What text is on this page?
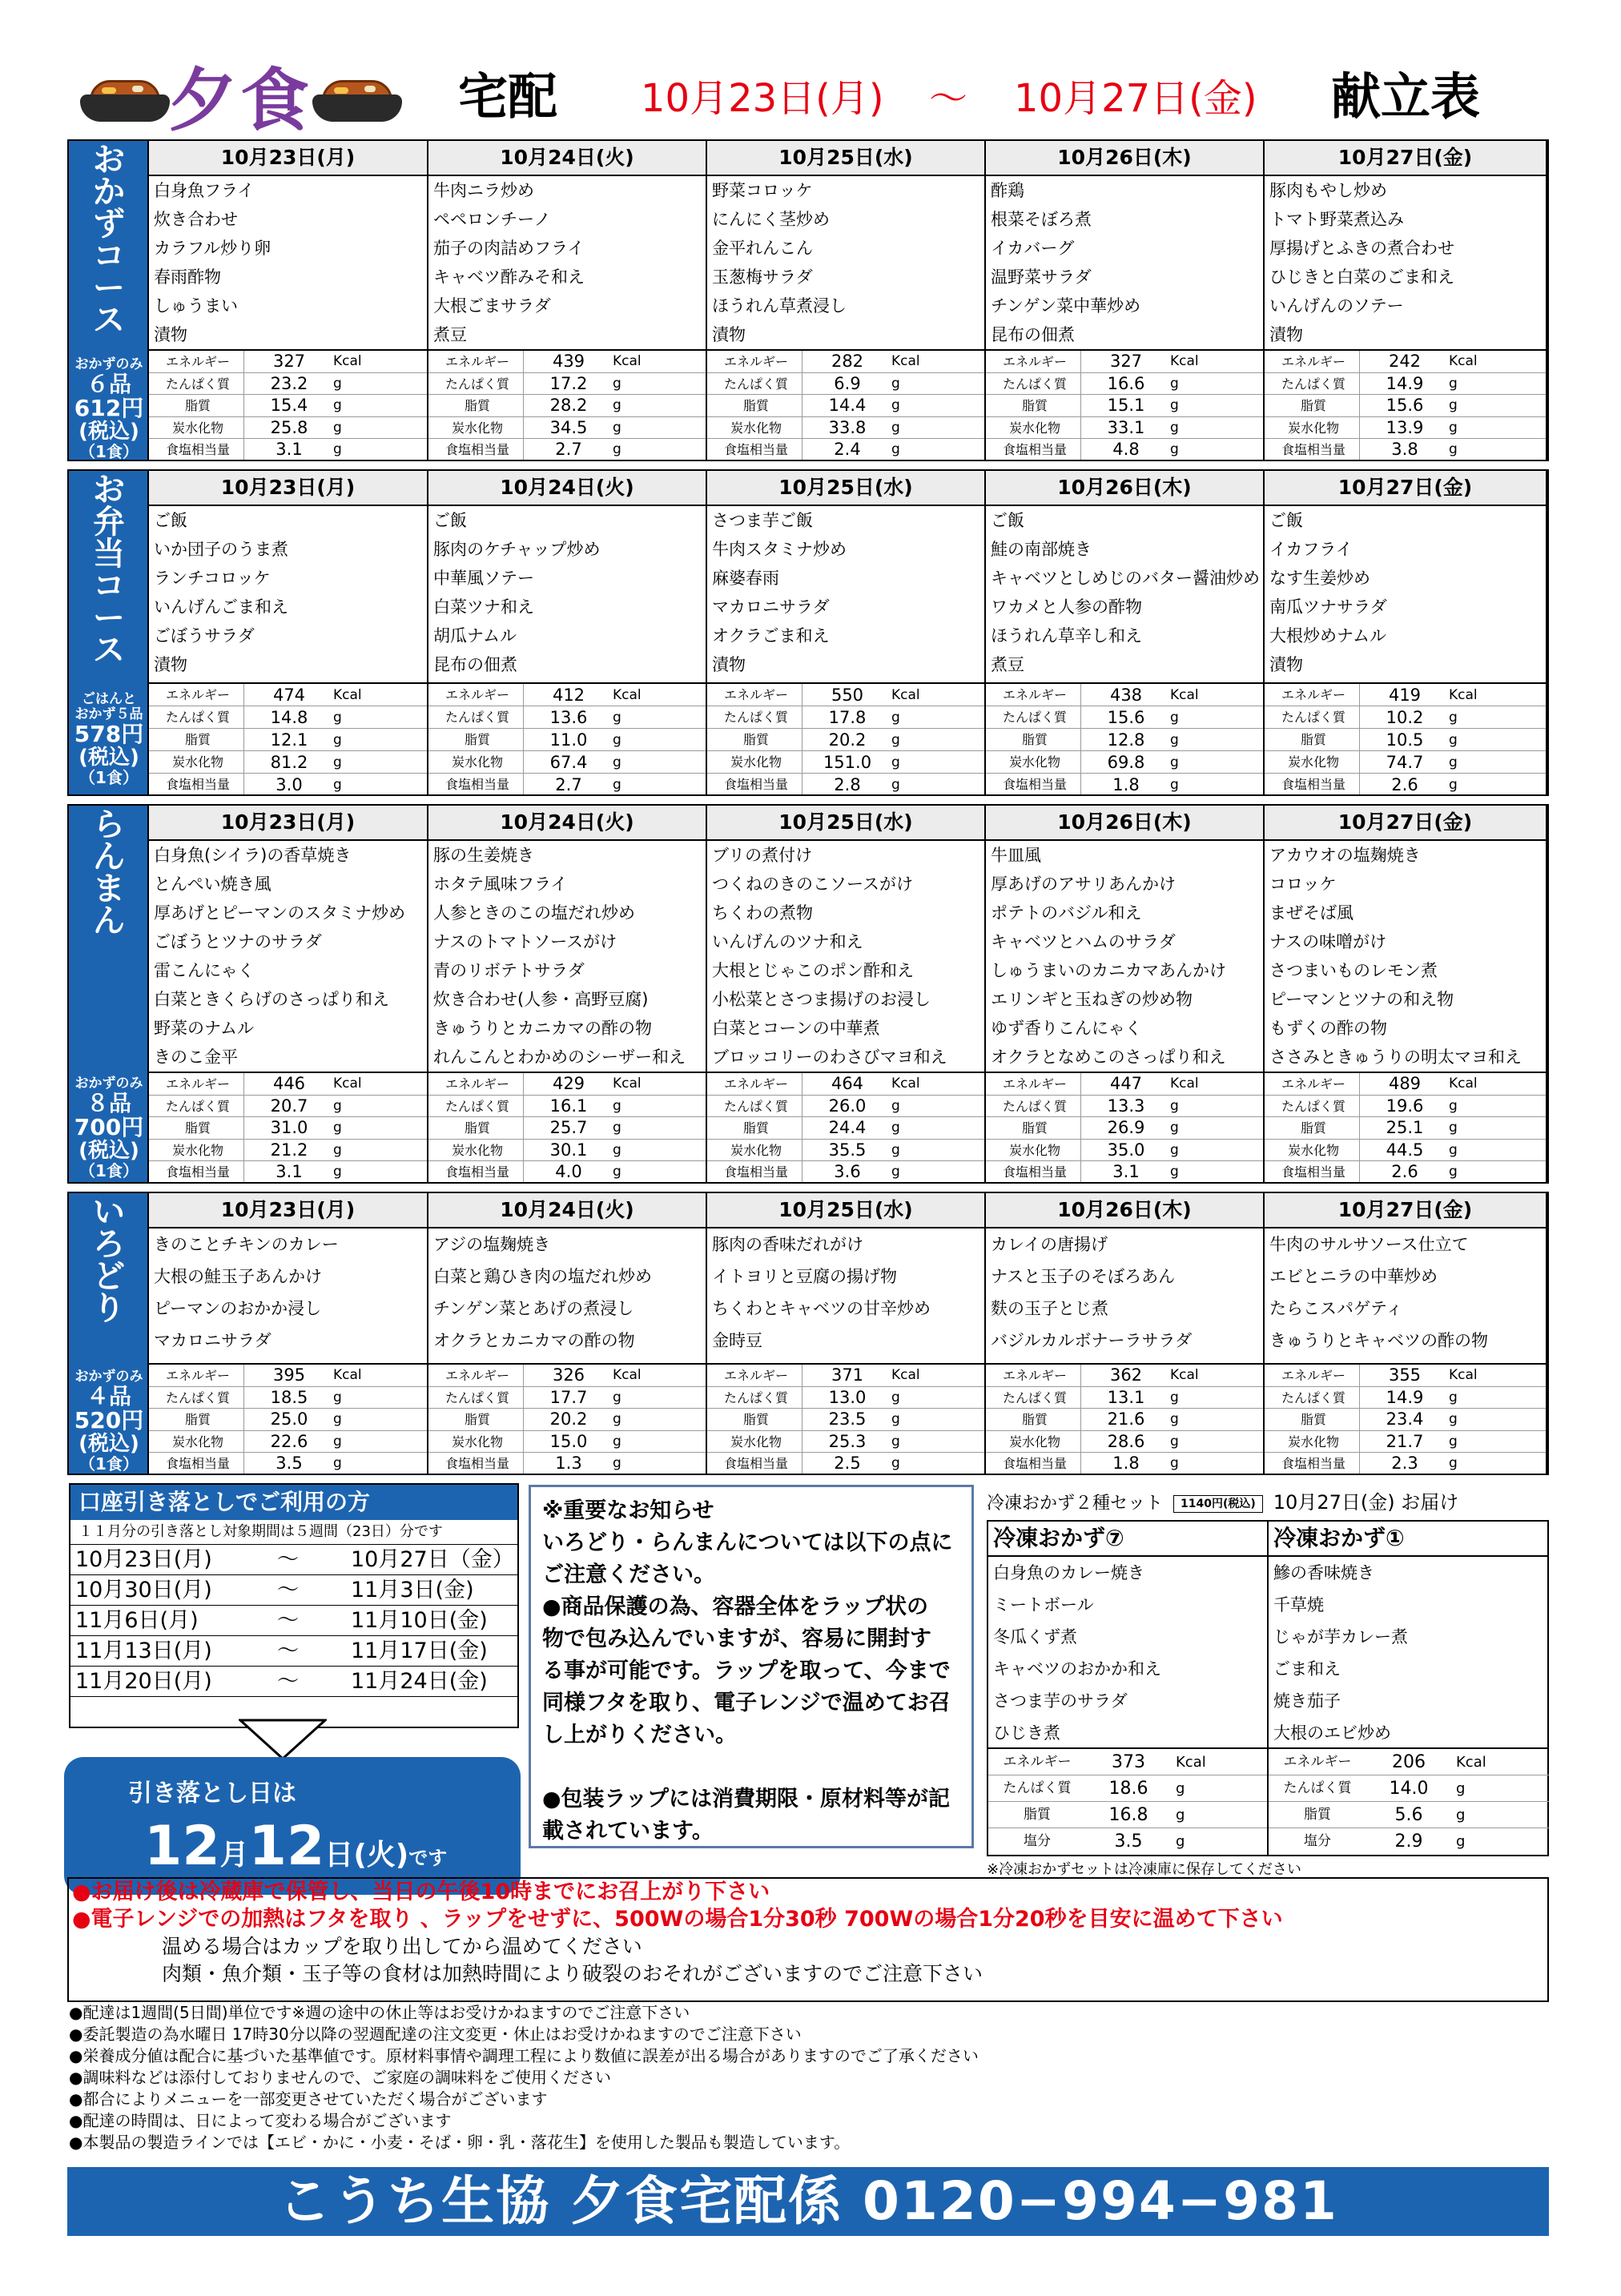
夕食	宅配 10月23日(月) ～ 10月27日(金) 献立表
お
か
ず
コ
ー
ス
おかずのみ
６品
612円
(税込)
（1食）
10月23日(月)
白身魚フライ
炊き合わせ
カラフル炒り卵
春雨酢物
しゅうまい
漬物
エネルギー	327	Kcal
たんぱく質	23.2	g
脂質	15.4	g
炭水化物	25.8	g
食塩相当量	3.1	g
10月24日(火)
牛肉ニラ炒め
ペペロンチーノ
茄子の肉詰めフライ
キャベツ酢みそ和え
大根ごまサラダ
煮豆
エネルギー	439	Kcal
たんぱく質	17.2	g
脂質	28.2	g
炭水化物	34.5	g
食塩相当量	2.7	g
10月25日(水)
野菜コロッケ
にんにく茎炒め
金平れんこん
玉葱梅サラダ
ほうれん草煮浸し
漬物
エネルギー	282	Kcal
たんぱく質	6.9	g
脂質	14.4	g
炭水化物	33.8	g
食塩相当量	2.4	g
10月26日(木)
酢鶏
根菜そぼろ煮
イカバーグ
温野菜サラダ
チンゲン菜中華炒め
昆布の佃煮
エネルギー	327	Kcal
たんぱく質	16.6	g
脂質	15.1	g
炭水化物	33.1	g
食塩相当量	4.8	g
10月27日(金)
豚肉もやし炒め
トマト野菜煮込み
厚揚げとふきの煮合わせ
ひじきと白菜のごま和え
いんげんのソテー
漬物
エネルギー	242	Kcal
たんぱく質	14.9	g
脂質	15.6	g
炭水化物	13.9	g
食塩相当量	3.8	g
お
弁
当
コ
ー
ス
ごはんと
おかず５品
578円
(税込)
（1食）
10月23日(月)
ご飯
いか団子のうま煮
ランチコロッケ
いんげんごま和え
ごぼうサラダ
漬物
エネルギー	474	Kcal
たんぱく質	14.8	g
脂質	12.1	g
炭水化物	81.2	g
食塩相当量	3.0	g
10月24日(火)
ご飯
豚肉のケチャップ炒め
中華風ソテー
白菜ツナ和え
胡瓜ナムル
昆布の佃煮
エネルギー	412	Kcal
たんぱく質	13.6	g
脂質	11.0	g
炭水化物	67.4	g
食塩相当量	2.7	g
10月25日(水)
さつま芋ご飯
牛肉スタミナ炒め
麻婆春雨
マカロニサラダ
オクラごま和え
漬物
エネルギー	550	Kcal
たんぱく質	17.8	g
脂質	20.2	g
炭水化物	151.0 g
食塩相当量	2.8	g
10月26日(木)
ご飯
鮭の南部焼き
キャベツとしめじのバター醤油炒め
ワカメと人参の酢物
ほうれん草辛し和え
煮豆
エネルギー	438	Kcal
たんぱく質	15.6	g
脂質	12.8	g
炭水化物	69.8	g
食塩相当量	1.8	g
10月27日(金)
ご飯
イカフライ
なす生姜炒め
南瓜ツナサラダ
大根炒めナムル
漬物
エネルギー	419	Kcal
たんぱく質	10.2	g
脂質	10.5	g
炭水化物	74.7	g
食塩相当量	2.6	g
ら
ん
ま
ん
おかずのみ
８品
700円
(税込)
（1食）
10月23日(月)
白身魚(シイラ)の香草焼き
とんぺい焼き風
厚あげとピーマンのスタミナ炒め
ごぼうとツナのサラダ
雷こんにゃく
白菜ときくらげのさっぱり和え
野菜のナムル
きのこ金平
エネルギー	446	Kcal
たんぱく質	20.7	g
脂質	31.0	g
炭水化物	21.2	g
食塩相当量	3.1	g
10月24日(火)
豚の生姜焼き
ホタテ風味フライ
人参ときのこの塩だれ炒め
ナスのトマトソースがけ
青のリボテトサラダ
炊き合わせ(人参・高野豆腐)
きゅうりとカニカマの酢の物
れんこんとわかめのシーザー和え
エネルギー	429	Kcal
たんぱく質	16.1	g
脂質	25.7	g
炭水化物	30.1	g
食塩相当量	4.0	g
10月25日(水)
ブリの煮付け
つくねのきのこソースがけ
ちくわの煮物
いんげんのツナ和え
大根とじゃこのポン酢和え
小松菜とさつま揚げのお浸し
白菜とコーンの中華煮
ブロッコリーのわさびマヨ和え
エネルギー	464	Kcal
たんぱく質	26.0	g
脂質	24.4	g
炭水化物	35.5	g
食塩相当量	3.6	g
10月26日(木)
牛皿風
厚あげのアサリあんかけ
ポテトのバジル和え
キャベツとハムのサラダ
しゅうまいのカニカマあんかけ
エリンギと玉ねぎの炒め物
ゆず香りこんにゃく
オクラとなめこのさっぱり和え
エネルギー	447	Kcal
たんぱく質	13.3	g
脂質	26.9	g
炭水化物	35.0	g
食塩相当量	3.1	g
10月27日(金)
アカウオの塩麹焼き
コロッケ
まぜそば風
ナスの味噌がけ
さつまいものレモン煮
ピーマンとツナの和え物
もずくの酢の物
ささみときゅうりの明太マヨ和え
エネルギー	489	Kcal
たんぱく質	19.6	g
脂質	25.1	g
炭水化物	44.5	g
食塩相当量	2.6	g
い
ろ
ど
り
おかずのみ
４品
520円
(税込)
（1食）
10月23日(月)
きのことチキンのカレー
大根の鮭玉子あんかけ
ピーマンのおかか浸し
マカロニサラダ
エネルギー	395	Kcal
たんぱく質	18.5	g
脂質	25.0	g
炭水化物	22.6	g
食塩相当量	3.5	g
10月24日(火)
アジの塩麹焼き
白菜と鶏ひき肉の塩だれ炒め
チンゲン菜とあげの煮浸し
オクラとカニカマの酢の物
エネルギー	326	Kcal
たんぱく質	17.7	g
脂質	20.2	g
炭水化物	15.0	g
食塩相当量	1.3	g
10月25日(水)
豚肉の香味だれがけ
イトヨリと豆腐の揚げ物
ちくわとキャベツの甘辛炒め
金時豆
エネルギー	371	Kcal
たんぱく質	13.0	g
脂質	23.5	g
炭水化物	25.3	g
食塩相当量	2.5	g
10月26日(木)
カレイの唐揚げ
ナスと玉子のそぼろあん
麩の玉子とじ煮
バジルカルボナーラサラダ
エネルギー	362	Kcal
たんぱく質	13.1	g
脂質	21.6	g
炭水化物	28.6	g
食塩相当量	1.8	g
10月27日(金)
牛肉のサルサソース仕立て
エビとニラの中華炒め
たらこスパゲティ
きゅうりとキャベツの酢の物
エネルギー	355	Kcal
たんぱく質	14.9	g
脂質	23.4	g
炭水化物	21.7	g
食塩相当量	2.3	g
口座引き落としでご利用の方
１１月分の引き落とし対象期間は５週間（23日）分です
10月23日(月)	～ 10月27日（金）
10月30日(月)	～ 11月3日(金)
11月6日(月)	～ 11月10日(金)
11月13日(月)	～ 11月17日(金)
11月20日(月)	～ 11月24日(金)
引き落とし日は
12月12日(火)です

※重要なお知らせ

いろどり・らんまんについては以下の点に

ご注意ください。

●商品保護の為、容器全体をラップ状の

物で包み込んでいますが、容易に開封す

る事が可能です。ラップを取って、今まで

同様フタを取り、電子レンジで温めてお召

し上がりください。

●包装ラップには消費期限・原材料等が記

載されています。

冷凍おかず２種セット 1140円(税込) 10月27日(金) お届け
冷凍おかず⑦
白身魚のカレー焼き
ミートボール
冬瓜くず煮
キャベツのおかか和え
さつま芋のサラダ
ひじき煮
エネルギー	373	Kcal
たんぱく質	18.6	g
脂質	16.8	g
塩分	3.5	g
冷凍おかず①
鰺の香味焼き
千草焼
じゃが芋カレー煮
ごま和え
焼き茄子
大根のエビ炒め
エネルギー	206	Kcal
たんぱく質	14.0	g
脂質	5.6	g
塩分	2.9	g
※冷凍おかずセットは冷凍庫に保存してください
●お届け後は冷蔵庫で保管し、当日の午後10時までにお召上がり下さい
●電子レンジでの加熱はフタを取り 、ラップをせずに、500Wの場合1分30秒 700Wの場合1分20秒を目安に温めて下さい
温める場合はカップを取り出してから温めてください
肉類・魚介類・玉子等の食材は加熱時間により破裂のおそれがございますのでご注意下さい
●配達は1週間(5日間)単位です※週の途中の休止等はお受けかねますのでご注意下さい
●委託製造の為水曜日 17時30分以降の翌週配達の注文変更・休止はお受けかねますのでご注意下さい
●栄養成分値は配合に基づいた基準値です。原材料事情や調理工程により数値に誤差が出る場合がありますのでご了承ください
●調味料などは添付しておりませんので、ご家庭の調味料をご使用ください
●都合によりメニューを一部変更させていただく場合がございます
●配達の時間は、日によって変わる場合がございます
●本製品の製造ラインでは【エビ・かに・小麦・そば・卵・乳・落花生】を使用した製品も製造しています。
こうち生協 夕食宅配係 0120−994−981
